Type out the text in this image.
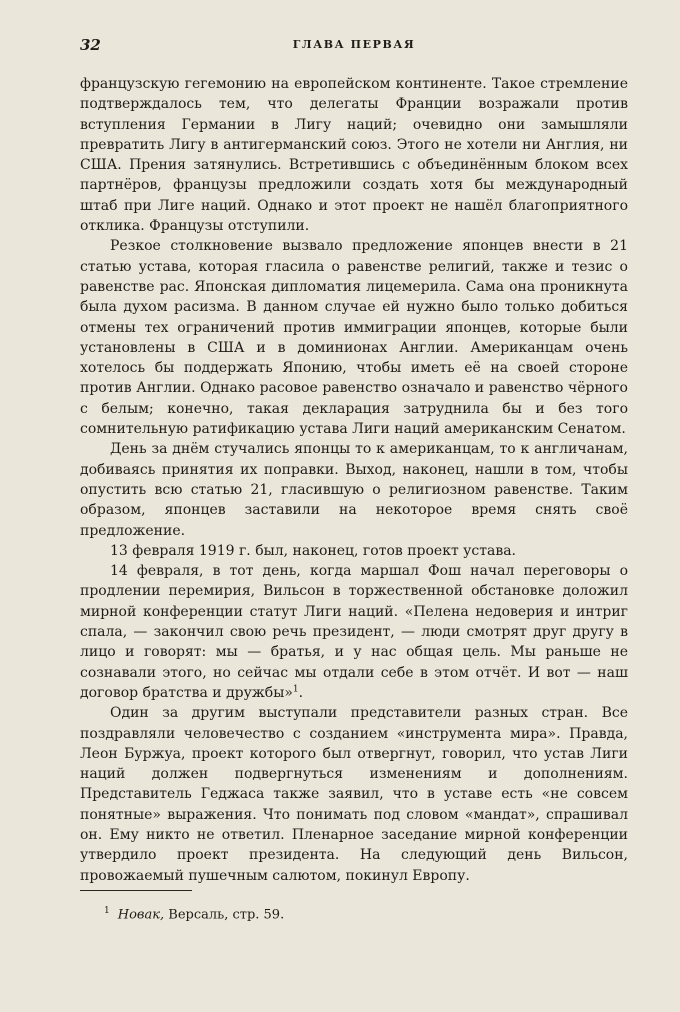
32	ГЛАВА ПЕРВАЯ

французскую гегемонию на европейском континенте. Такое стремление подтверждалось тем, что делегаты Франции возражали против вступления Германии в Лигу наций; очевидно они замышляли превратить Лигу в антигерманский союз. Этого не хотели ни Англия, ни США. Прения затянулись. Встретившись с объединённым блоком всех партнёров, французы предложили создать хотя бы международный штаб при Лиге наций. Однако и этот проект не нашёл благоприятного отклика. Французы отступили.

Резкое столкновение вызвало предложение японцев внести в 21 статью устава, которая гласила о равенстве религий, также и тезис о равенстве рас. Японская дипломатия лицемерила. Сама она проникнута была духом расизма. В данном случае ей нужно было только добиться отмены тех ограничений против иммиграции японцев, которые были установлены в США и в доминионах Англии. Американцам очень хотелось бы поддержать Японию, чтобы иметь её на своей стороне против Англии. Однако расовое равенство означало и равенство чёрного с белым; конечно, такая декларация затруднила бы и без того сомнительную ратификацию устава Лиги наций американским Сенатом.

День за днём стучались японцы то к американцам, то к англичанам, добиваясь принятия их поправки. Выход, наконец, нашли в том, чтобы опустить всю статью 21, гласившую о религиозном равенстве. Таким образом, японцев заставили на некоторое время снять своё предложение.

13 февраля 1919 г. был, наконец, готов проект устава.

14 февраля, в тот день, когда маршал Фош начал переговоры о продлении перемирия, Вильсон в торжественной обстановке доложил мирной конференции статут Лиги наций. «Пелена недоверия и интриг спала, — закончил свою речь президент, — люди смотрят друг другу в лицо и говорят: мы — братья, и у нас общая цель. Мы раньше не сознавали этого, но сейчас мы отдали себе в этом отчёт. И вот — наш договор братства и дружбы»$^1$.

Один за другим выступали представители разных стран. Все поздравляли человечество с созданием «инструмента мира». Правда, Леон Буржуа, проект которого был отвергнут, говорил, что устав Лиги наций должен подвергнуться изменениям и дополнениям. Представитель Геджаса также заявил, что в уставе есть «не совсем понятные» выражения. Что понимать под словом «мандат», спрашивал он. Ему никто не ответил. Пленарное заседание мирной конференции утвердило проект президента. На следующий день Вильсон, провожаемый пушечным салютом, покинул Европу.

$^1$ Новак, Версаль, стр. 59.
